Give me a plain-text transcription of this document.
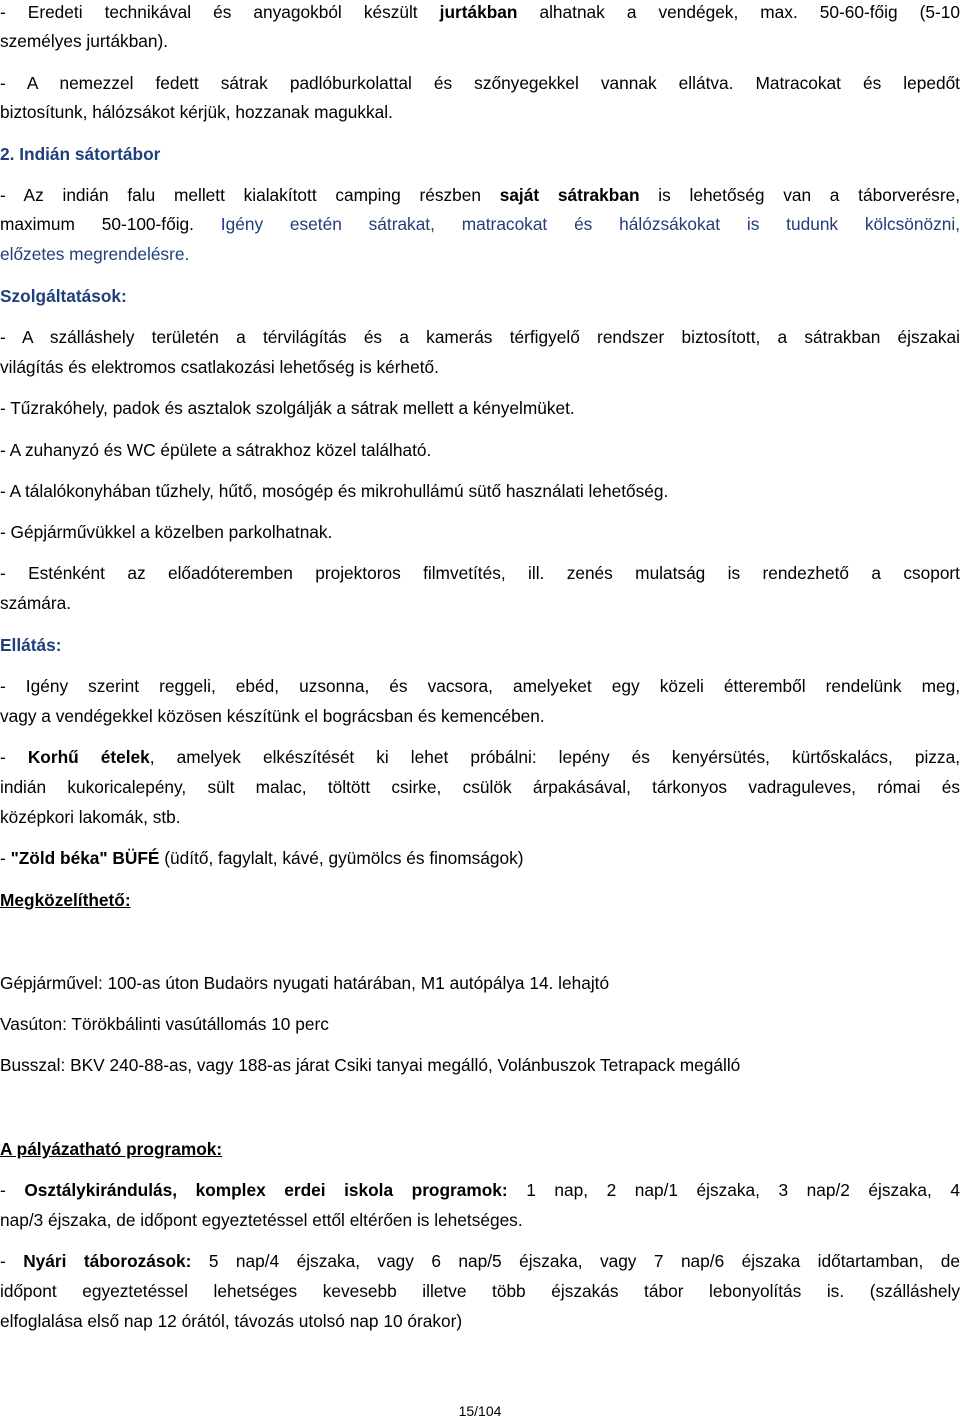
- Eredeti technikával és anyagokból készült jurtákban alhatnak a vendégek, max. 50-60-főig (5-10
személyes jurtákban).
- A nemezzel fedett sátrak padlóburkolattal és szőnyegekkel vannak ellátva. Matracokat és lepedőt
biztosítunk, hálózsákot kérjük, hozzanak magukkal.
2. Indián sátortábor
- Az indián falu mellett kialakított camping részben saját sátrakban is lehetőség van a táborverésre,
maximum 50-100-főig. Igény esetén sátrakat, matracokat és hálózsákokat is tudunk kölcsönözni,
előzetes megrendelésre.
Szolgáltatások:
- A szálláshely területén a térvilágítás és a kamerás térfigyelő rendszer biztosított, a sátrakban éjszakai
világítás és elektromos csatlakozási lehetőség is kérhető.
- Tűzrakóhely, padok és asztalok szolgálják a sátrak mellett a kényelmüket.
- A zuhanyzó és WC épülete a sátrakhoz közel található.
- A tálalókonyhában tűzhely, hűtő, mosógép és mikrohullámú sütő használati lehetőség.
- Gépjárművükkel a közelben parkolhatnak.
- Esténként az előadóteremben projektoros filmvetítés, ill. zenés mulatság is rendezhető a csoport
számára.
Ellátás:
- Igény szerint reggeli, ebéd, uzsonna, és vacsora, amelyeket egy közeli étteremből rendelünk meg,
vagy a vendégekkel közösen készítünk el bográcsban és kemencében.
- Korhű ételek, amelyek elkészítését ki lehet próbálni: lepény és kenyérsütés, kürtőskalács, pizza,
indián kukoricalepény, sült malac, töltött csirke, csülök árpakásával, tárkonyos vadraguleves, római és
középkori lakomák, stb.
- "Zöld béka" BÜFÉ (üdítő, fagylalt, kávé, gyümölcs és finomságok)
Megközelíthető:
Gépjárművel: 100-as úton Budaörs nyugati határában, M1 autópálya 14. lehajtó
Vasúton: Törökbálinti vasútállomás 10 perc
Busszal: BKV 240-88-as, vagy 188-as járat Csiki tanyai megálló, Volánbuszok Tetrapack megálló
A pályázatható programok:
- Osztálykirándulás, komplex erdei iskola programok: 1 nap, 2 nap/1 éjszaka, 3 nap/2 éjszaka, 4
nap/3 éjszaka, de időpont egyeztetéssel ettől eltérően is lehetséges.
- Nyári táborozások: 5 nap/4 éjszaka, vagy 6 nap/5 éjszaka, vagy 7 nap/6 éjszaka időtartamban, de
időpont egyeztetéssel lehetséges kevesebb illetve több éjszakás tábor lebonyolítás is. (szálláshely
elfoglalása első nap 12 órától, távozás utolsó nap 10 órakor)
15/104
